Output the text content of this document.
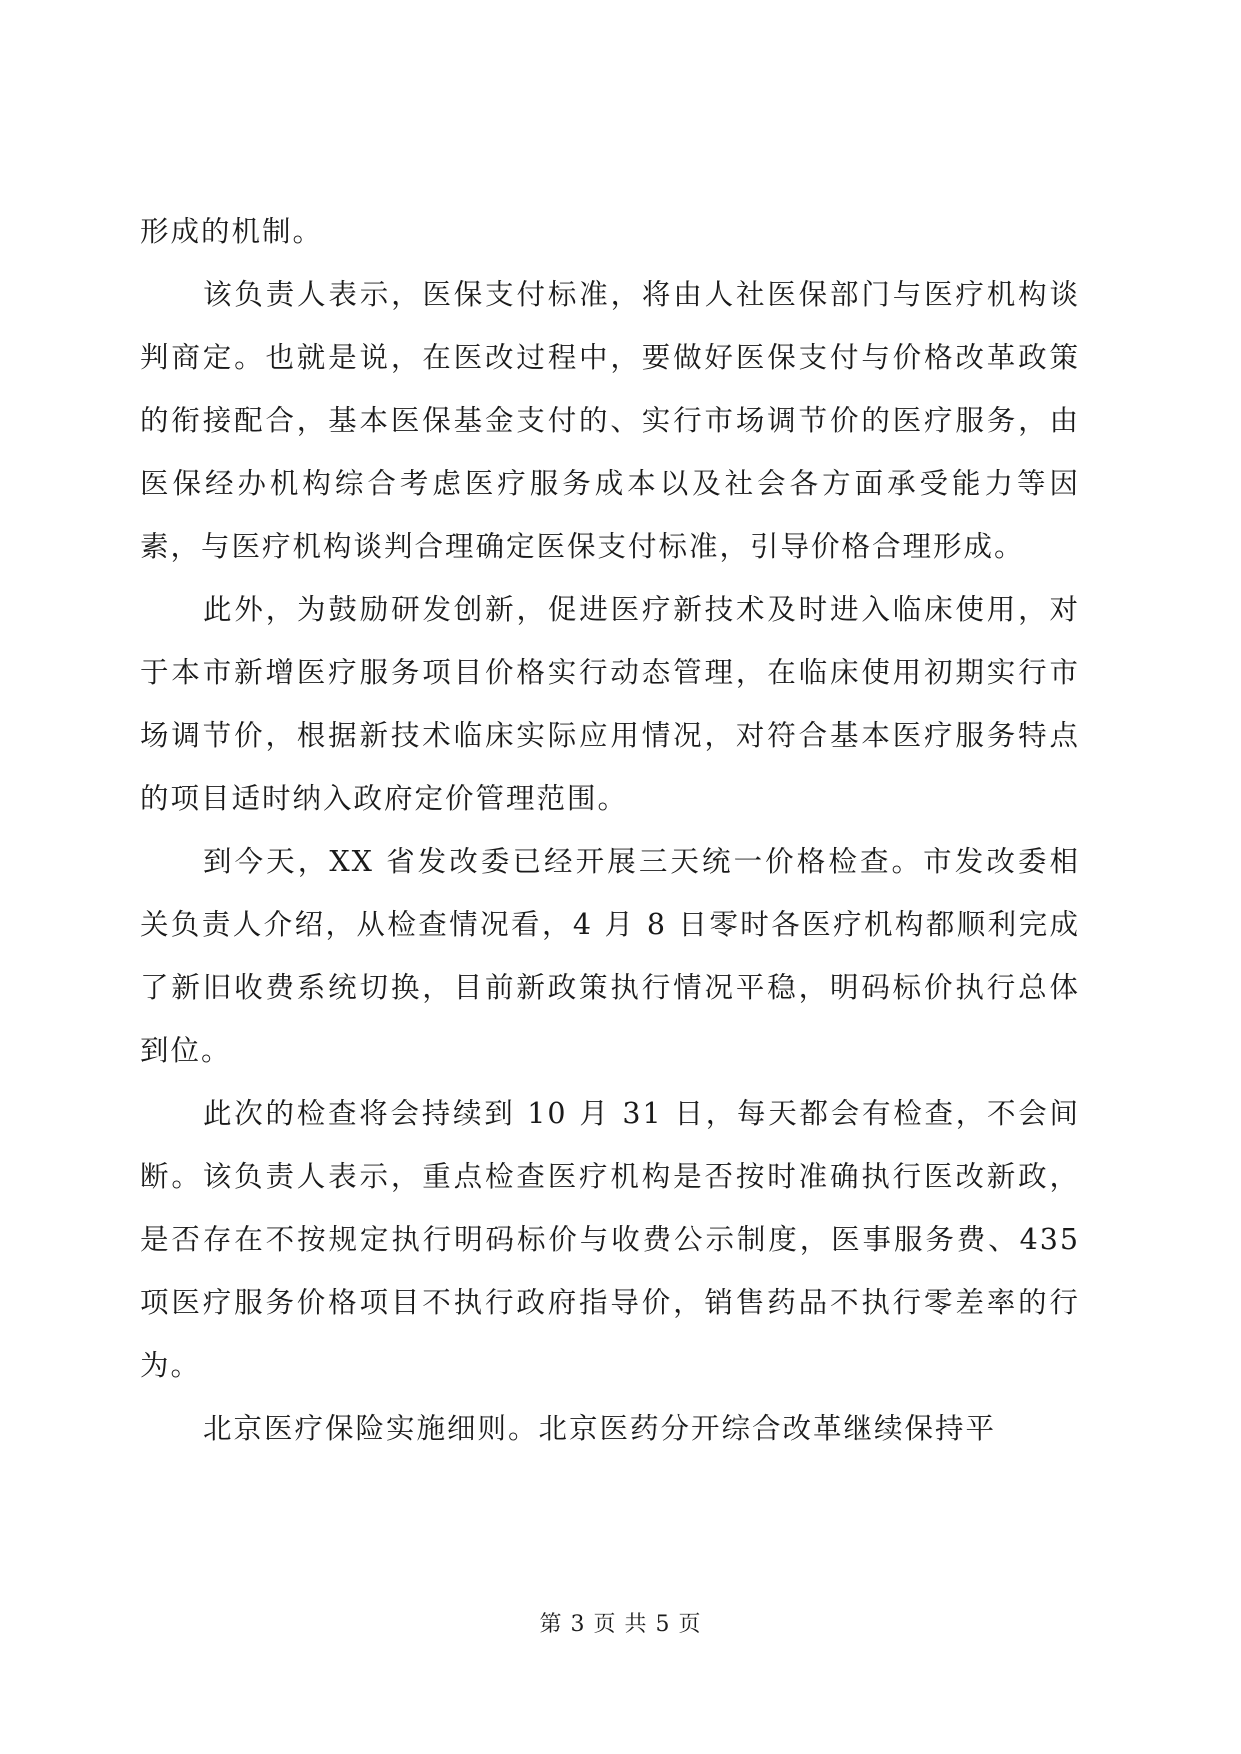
形成的机制。

该负责人表示，医保支付标准，将由人社医保部门与医疗机构谈判商定。也就是说，在医改过程中，要做好医保支付与价格改革政策的衔接配合，基本医保基金支付的、实行市场调节价的医疗服务，由医保经办机构综合考虑医疗服务成本以及社会各方面承受能力等因素，与医疗机构谈判合理确定医保支付标准，引导价格合理形成。

此外，为鼓励研发创新，促进医疗新技术及时进入临床使用，对于本市新增医疗服务项目价格实行动态管理，在临床使用初期实行市场调节价，根据新技术临床实际应用情况，对符合基本医疗服务特点的项目适时纳入政府定价管理范围。

到今天，XX 省发改委已经开展三天统一价格检查。市发改委相关负责人介绍，从检查情况看，4 月 8 日零时各医疗机构都顺利完成了新旧收费系统切换，目前新政策执行情况平稳，明码标价执行总体到位。

此次的检查将会持续到 10 月 31 日，每天都会有检查，不会间断。该负责人表示，重点检查医疗机构是否按时准确执行医改新政，是否存在不按规定执行明码标价与收费公示制度，医事服务费、435 项医疗服务价格项目不执行政府指导价，销售药品不执行零差率的行为。

北京医疗保险实施细则。北京医药分开综合改革继续保持平

第 3 页 共 5 页
